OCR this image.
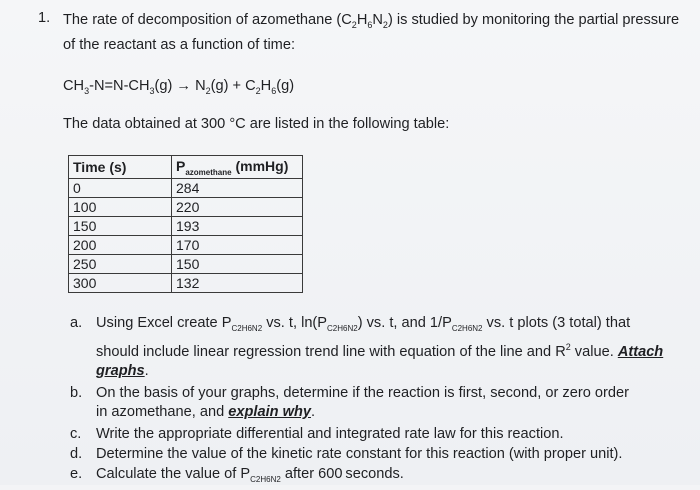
1. The rate of decomposition of azomethane $(C_2H_6N_2)$ is studied by monitoring the partial pressure
of the reactant as a function of time:
$CH_3-N=N-CH_3(g) \to N_2(g) + C_2H_6(g)$
The data obtained at 300 °C are listed in the following table:
Time (s)	$P_{azomethane}$ (mmHg)
0	284
100	220
150	193
200	170
250	150
300	132
a. Using Excel create $P_{C2H6N2}$ vs. t, $\ln(P_{C2H6N2})$ vs. t, and $1/P_{C2H6N2}$ vs. t plots (3 total) that
should include linear regression trend line with equation of the line and $R^2$ value. Attach
graphs.
b. On the basis of your graphs, determine if the reaction is first, second, or zero order
in azomethane, and explain why.
c. Write the appropriate differential and integrated rate law for this reaction.
d. Determine the value of the kinetic rate constant for this reaction (with proper unit).
e. Calculate the value of $P_{C2H6N2}$ after 600 seconds.
